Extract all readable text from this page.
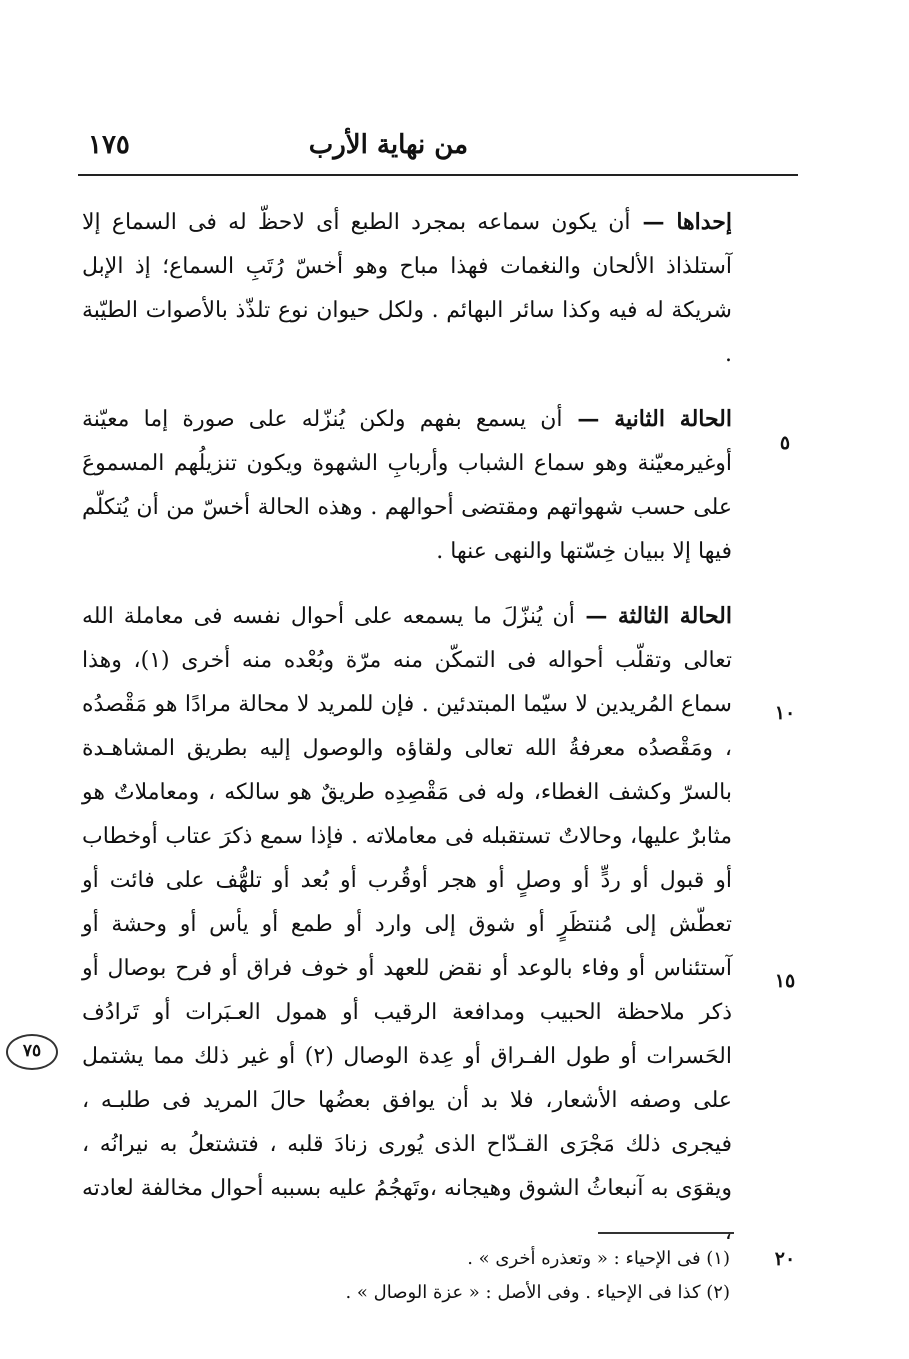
١٧٥	من نهاية الأرب

إحداها — أن يكون سماعه بمجرد الطبع أى لاحظّ له فى السماع إلا آستلذاذ الألحان والنغمات فهذا مباح وهو أخسّ رُتَبِ السماع؛ إذ الإبل شريكة له فيه وكذا سائر البهائم . ولكل حيوان نوع تلذّذ بالأصوات الطيّبة .

الحالة الثانية — أن يسمع بفهم ولكن يُنزّله على صورة إما معيّنة أوغيرمعيّنة وهو سماع الشباب وأربابِ الشهوة ويكون تنزيلُهم المسموعَ على حسب شهواتهم ومقتضى أحوالهم . وهذه الحالة أخسّ من أن يُتكلّم فيها إلا ببيان خِسّتها والنهى عنها .

الحالة الثالثة — أن يُنزّلَ ما يسمعه على أحوال نفسه فى معاملة الله تعالى وتقلّب أحواله فى التمكّن منه مرّة وبُعْده منه أخرى (١)، وهذا سماع المُريدين لا سيّما المبتدئين . فإن للمريد لا محالة مرادًا هو مَقْصدُه ، ومَقْصدُه معرفةُ الله تعالى ولقاؤه والوصول إليه بطريق المشاهـدة بالسرّ وكشف الغطاء، وله فى مَقْصِدِه طريقٌ هو سالكه ، ومعاملاتٌ هو مثابرٌ عليها، وحالاتٌ تستقبله فى معاملاته . فإذا سمع ذكرَ عتاب أوخطاب أو قبول أو ردٍّ أو وصلٍ أو هجر أوقُرب أو بُعد أو تلهُّف على فائت أو تعطّش إلى مُنتظَرٍ أو شوق إلى وارد أو طمع أو يأس أو وحشة أو آستئناس أو وفاء بالوعد أو نقض للعهد أو خوف فراق أو فرح بوصال أو ذكر ملاحظة الحبيب ومدافعة الرقيب أو همول العـبَرات أو تَرادُف الحَسرات أو طول الفـراق أو عِدة الوصال (٢) أو غير ذلك مما يشتمل على وصفه الأشعار، فلا بد أن يوافق بعضُها حالَ المريد فى طلبـه ، فيجرى ذلك مَجْرَى القـدّاح الذى يُورى زنادَ قلبه ، فتشتعلُ به نيرانُه ، ويقوَى به آنبعاثُ الشوق وهيجانه ،وتَهجُمُ عليه بسببه أحوال مخالفة لعادته

٥
١٠
١٥
٢٠
٧٥
(١) فى الإحياء : « وتعذره أخرى » .
(٢) كذا فى الإحياء . وفى الأصل : « عزة الوصال » .
